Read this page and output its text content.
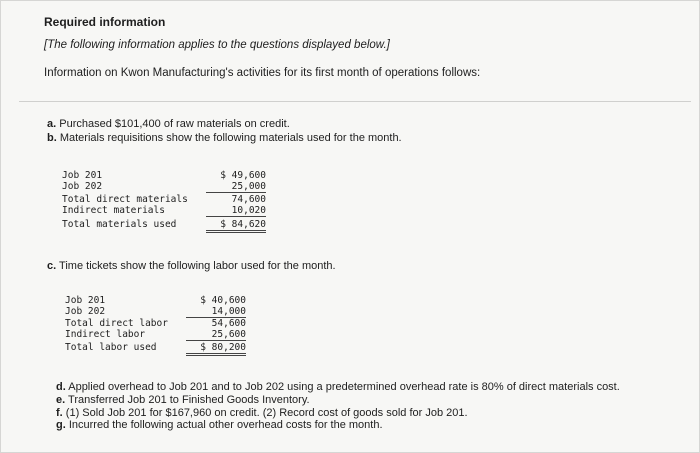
Required information
[The following information applies to the questions displayed below.]
Information on Kwon Manufacturing's activities for its first month of operations follows:
a. Purchased $101,400 of raw materials on credit.
b. Materials requisitions show the following materials used for the month.
Job 201	$ 49,600
Job 202	25,000
Total direct materials	74,600
Indirect materials	10,020
Total materials used	$ 84,620
c. Time tickets show the following labor used for the month.
Job 201	$ 40,600
Job 202	14,000
Total direct labor	54,600
Indirect labor	25,600
Total labor used	$ 80,200
d. Applied overhead to Job 201 and to Job 202 using a predetermined overhead rate is 80% of direct materials cost.
e. Transferred Job 201 to Finished Goods Inventory.
f. (1) Sold Job 201 for $167,960 on credit. (2) Record cost of goods sold for Job 201.
g. Incurred the following actual other overhead costs for the month.
